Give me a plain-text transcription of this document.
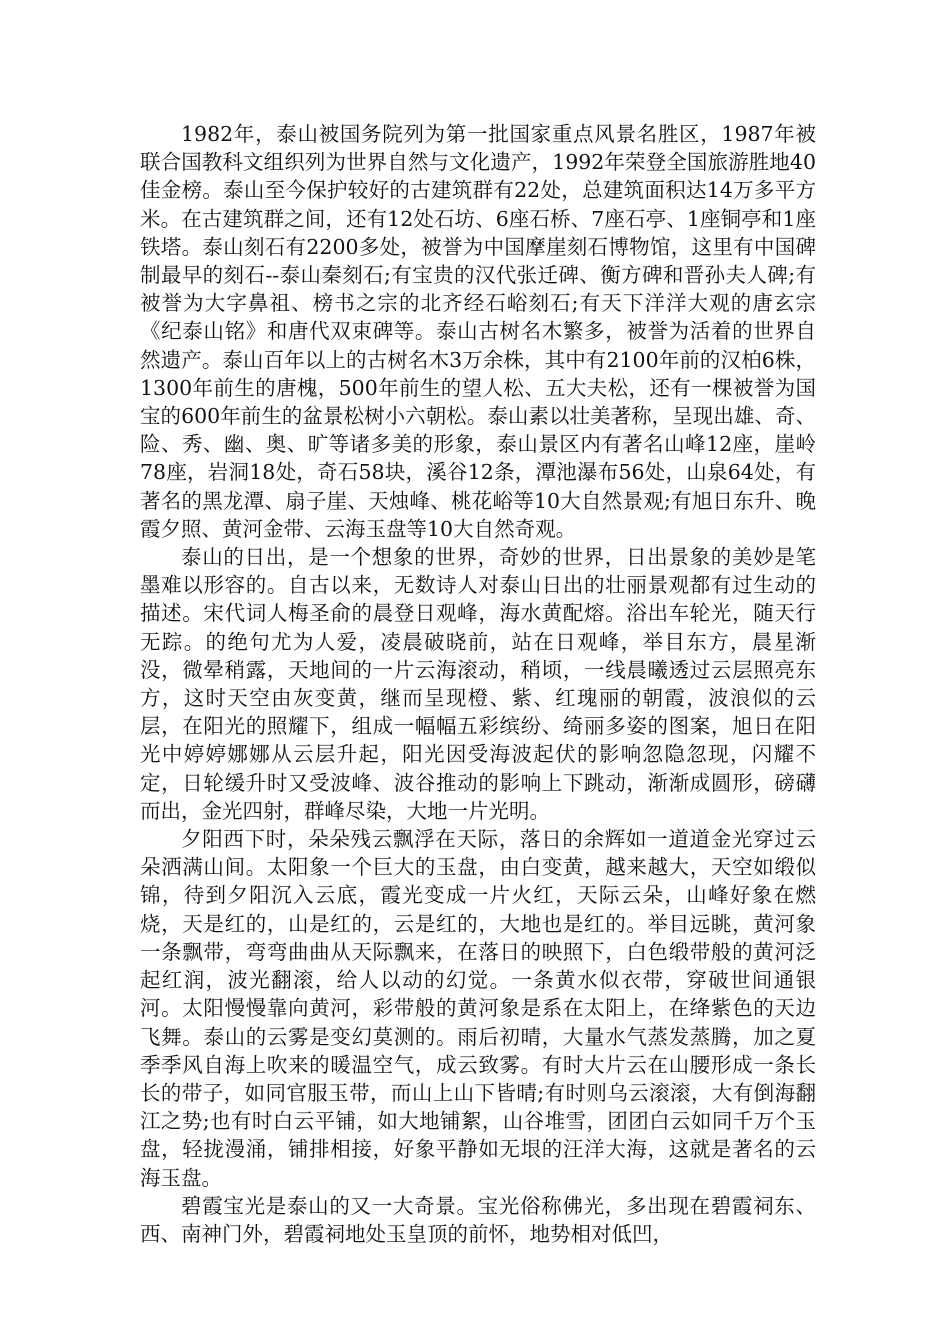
1982年，泰山被国务院列为第一批国家重点风景名胜区，1987年被联合国教科文组织列为世界自然与文化遗产，1992年荣登全国旅游胜地40佳金榜。泰山至今保护较好的古建筑群有22处，总建筑面积达14万多平方米。在古建筑群之间，还有12处石坊、6座石桥、7座石亭、1座铜亭和1座铁塔。泰山刻石有2200多处，被誉为中国摩崖刻石博物馆，这里有中国碑制最早的刻石--泰山秦刻石;有宝贵的汉代张迁碑、衡方碑和晋孙夫人碑;有被誉为大字鼻祖、榜书之宗的北齐经石峪刻石;有天下洋洋大观的唐玄宗《纪泰山铭》和唐代双束碑等。泰山古树名木繁多，被誉为活着的世界自然遗产。泰山百年以上的古树名木3万余株，其中有2100年前的汉柏6株，1300年前生的唐槐，500年前生的望人松、五大夫松，还有一棵被誉为国宝的600年前生的盆景松树小六朝松。泰山素以壮美著称，呈现出雄、奇、险、秀、幽、奥、旷等诸多美的形象，泰山景区内有著名山峰12座，崖岭78座，岩洞18处，奇石58块，溪谷12条，潭池瀑布56处，山泉64处，有著名的黑龙潭、扇子崖、天烛峰、桃花峪等10大自然景观;有旭日东升、晚霞夕照、黄河金带、云海玉盘等10大自然奇观。

泰山的日出，是一个想象的世界，奇妙的世界，日出景象的美妙是笔墨难以形容的。自古以来，无数诗人对泰山日出的壮丽景观都有过生动的描述。宋代词人梅圣俞的晨登日观峰，海水黄配熔。浴出车轮光，随天行无踪。的绝句尤为人爱，凌晨破晓前，站在日观峰，举目东方，晨星渐没，微晕稍露，天地间的一片云海滚动，稍顷，一线晨曦透过云层照亮东方，这时天空由灰变黄，继而呈现橙、紫、红瑰丽的朝霞，波浪似的云层，在阳光的照耀下，组成一幅幅五彩缤纷、绮丽多姿的图案，旭日在阳光中婷婷娜娜从云层升起，阳光因受海波起伏的影响忽隐忽现，闪耀不定，日轮缓升时又受波峰、波谷推动的影响上下跳动，渐渐成圆形，磅礴而出，金光四射，群峰尽染，大地一片光明。

夕阳西下时，朵朵残云飘浮在天际，落日的余辉如一道道金光穿过云朵洒满山间。太阳象一个巨大的玉盘，由白变黄，越来越大，天空如缎似锦，待到夕阳沉入云底，霞光变成一片火红，天际云朵，山峰好象在燃烧，天是红的，山是红的，云是红的，大地也是红的。举目远眺，黄河象一条飘带，弯弯曲曲从天际飘来，在落日的映照下，白色缎带般的黄河泛起红润，波光翻滚，给人以动的幻觉。一条黄水似衣带，穿破世间通银河。太阳慢慢靠向黄河，彩带般的黄河象是系在太阳上，在绛紫色的天边飞舞。泰山的云雾是变幻莫测的。雨后初晴，大量水气蒸发蒸腾，加之夏季季风自海上吹来的暖温空气，成云致雾。有时大片云在山腰形成一条长长的带子，如同官服玉带，而山上山下皆晴;有时则乌云滚滚，大有倒海翻江之势;也有时白云平铺，如大地铺絮，山谷堆雪，团团白云如同千万个玉盘，轻拢漫涌，铺排相接，好象平静如无垠的汪洋大海，这就是著名的云海玉盘。

碧霞宝光是泰山的又一大奇景。宝光俗称佛光，多出现在碧霞祠东、西、南神门外，碧霞祠地处玉皇顶的前怀，地势相对低凹，
